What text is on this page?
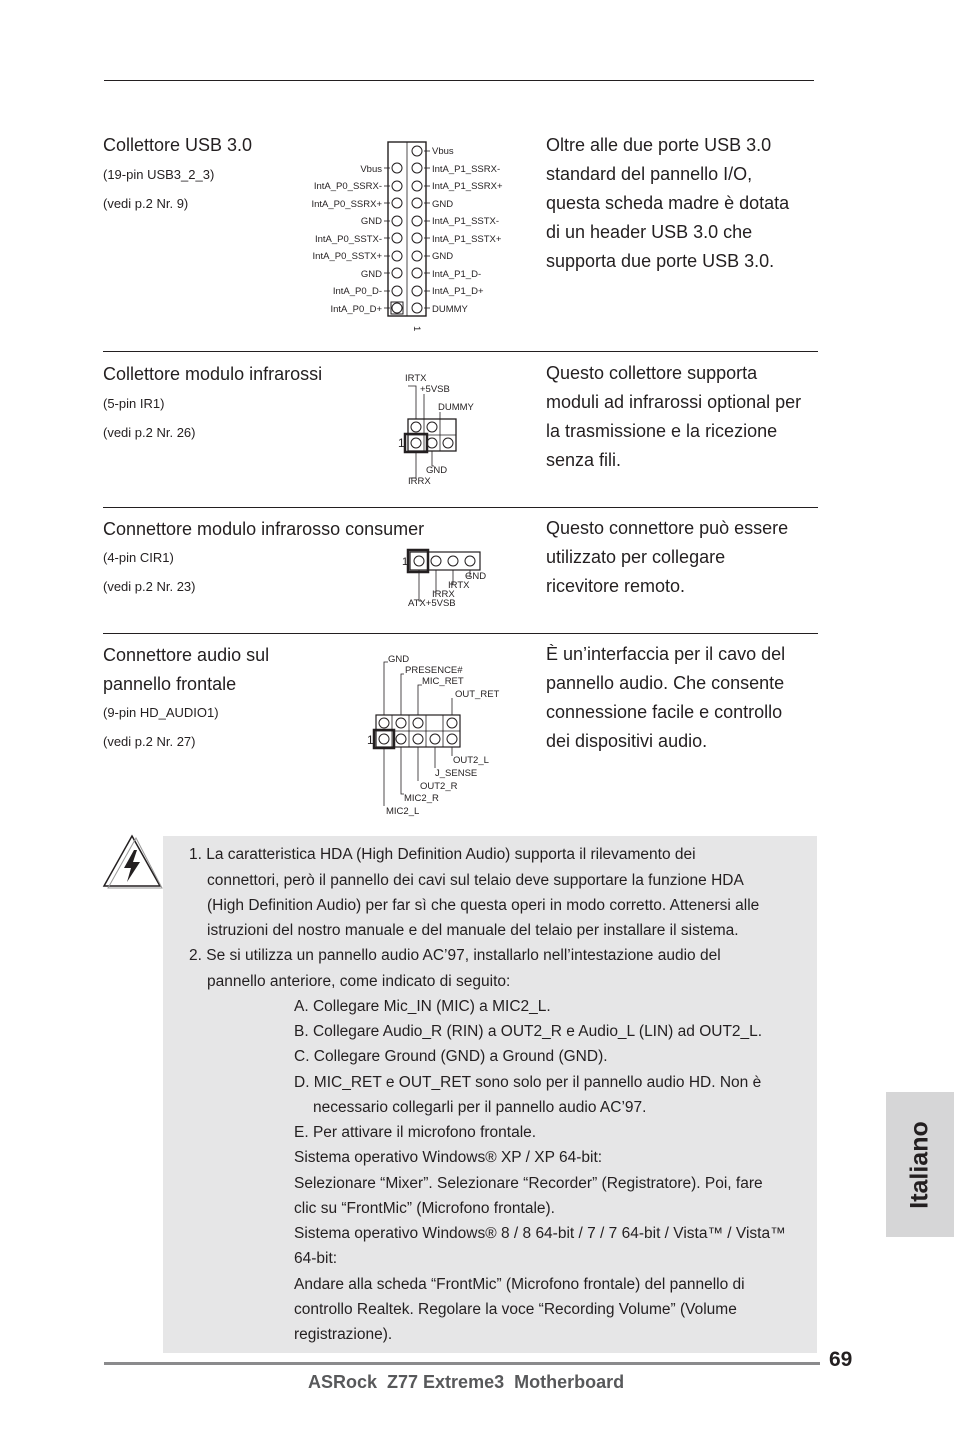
Collettore USB 3.0
(19-pin USB3_2_3)
(vedi p.2 Nr. 9)
Vbus
IntA_P1_SSRX-
IntA_P1_SSRX+
GND
IntA_P1_SSTX-
IntA_P1_SSTX+
GND
IntA_P1_D-
IntA_P1_D+
DUMMY
Vbus
IntA_P0_SSRX-
IntA_P0_SSRX+
GND
IntA_P0_SSTX-
IntA_P0_SSTX+
GND
IntA_P0_D-
IntA_P0_D+
1
Oltre alle due porte USB 3.0
standard del pannello I/O,
questa scheda madre è dotata
di un header USB 3.0 che
supporta due porte USB 3.0.
Collettore modulo infrarossi
(5-pin IR1)
(vedi p.2 Nr. 26)
IRTX
+5VSB
DUMMY
GND
IRRX
1
Questo collettore supporta
moduli ad infrarossi optional per
la trasmissione e la ricezione
senza fili.
Connettore modulo infrarosso consumer
(4-pin CIR1)
(vedi p.2 Nr. 23)
GND
IRTX
IRRX
ATX+5VSB
1
Questo connettore può essere
utilizzato per collegare
ricevitore remoto.
Connettore audio sul
pannello frontale
(9-pin HD_AUDIO1)
(vedi p.2 Nr. 27)
GND
PRESENCE#
MIC_RET
OUT_RET
OUT2_L
J_SENSE
OUT2_R
MIC2_R
MIC2_L
1
È un’interfaccia per il cavo del
pannello audio. Che consente
connessione facile e controllo
dei dispositivi audio.
1. La caratteristica HDA (High Definition Audio) supporta il rilevamento dei
connettori, però il pannello dei cavi sul telaio deve supportare la funzione HDA
(High Definition Audio) per far sì che questa operi in modo corretto. Attenersi alle
istruzioni del nostro manuale e del manuale del telaio per installare il sistema.
2. Se si utilizza un pannello audio AC’97, installarlo nell’intestazione audio del
pannello anteriore, come indicato di seguito:
A. Collegare Mic_IN (MIC) a MIC2_L.
B. Collegare Audio_R (RIN) a OUT2_R e Audio_L (LIN) ad OUT2_L.
C. Collegare Ground (GND) a Ground (GND).
D. MIC_RET e OUT_RET sono solo per il pannello audio HD. Non è
necessario collegarli per il pannello audio AC’97.
E. Per attivare il microfono frontale.
Sistema operativo Windows® XP / XP 64-bit:
Selezionare “Mixer”. Selezionare “Recorder” (Registratore). Poi, fare
clic su “FrontMic” (Microfono frontale).
Sistema operativo Windows® 8 / 8 64-bit / 7 / 7 64-bit / Vista™ / Vista™
64-bit:
Andare alla scheda “FrontMic” (Microfono frontale) del pannello di
controllo Realtek. Regolare la voce “Recording Volume” (Volume
registrazione).
Italiano
69
ASRock  Z77 Extreme3  Motherboard
